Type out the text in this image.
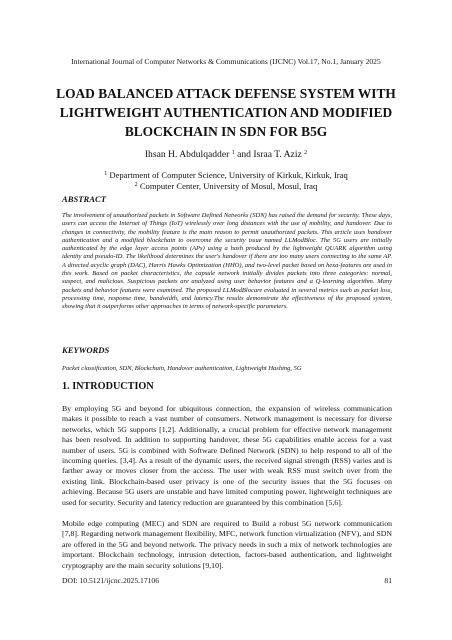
International Journal of Computer Networks & Communications (IJCNC) Vol.17, No.1, January 2025
LOAD BALANCED ATTACK DEFENSE SYSTEM WITH
LIGHTWEIGHT AUTHENTICATION AND MODIFIED
BLOCKCHAIN IN SDN FOR B5G
Ihsan H. Abdulqadder $^1$ and Israa T. Aziz $^2$
$^1$ Department of Computer Science, University of Kirkuk, Kirkuk, Iraq
$^2$ Computer Center, University of Mosul, Mosul, Iraq
ABSTRACT
The involvement of unauthorized packets in Software Defined Networks (SDN) has raised the demand for security. These days, users can access the Internet of Things (IoT) wirelessly over long distances with the use of mobility, and handover. Due to changes in connectivity, the mobility feature is the main reason to permit unauthorized packets. This article uses handover authentication and a modified blockchain to overcome the security issue named LLModBloc. The 5G users are initially authenticated by the edge layer access points (APs) using a hash produced by the lightweight QUARK algorithm using identity and pseudo-ID. The likelihood determines the user's handover if there are too many users connecting to the same AP. A directed acyclic graph (DAC), Harris Hawks Optimization (HHO), and two-level packet based on hexa-features are used in this work. Based on packet characteristics, the capsule network initially divides packets into three categories: normal, suspect, and malicious. Suspicious packets are analyzed using user behavior features and a Q-learning algorithm. Many packets and behavior features were examined. The proposed LLModBlocare evaluated in several metrics such as packet loss, processing time, response time, bandwidth, and latency.The results demonstrate the effectiveness of the proposed system, showing that it outperforms other approaches in terms of network-specific parameters.
KEYWORDS
Packet classification, SDN, Blockchain, Handover authentication, Lightweight Hashing, 5G
1. INTRODUCTION
By employing 5G and beyond for ubiquitous connection, the expansion of wireless communication makes it possible to reach a vast number of consumers. Network management is necessary for diverse networks, which 5G supports [1,2]. Additionally, a crucial problem for effective network management has been resolved. In addition to supporting handover, these 5G capabilities enable access for a vast number of users. 5G is combined with Software Defined Network (SDN) to help respond to all of the incoming queries. [3,4]. As a result of the dynamic users, the received signal strength (RSS) varies and is farther away or moves closer from the access. The user with weak RSS must switch over from the existing link. Blockchain-based user privacy is one of the security issues that the 5G focuses on achieving. Because 5G users are unstable and have limited computing power, lightweight techniques are used for security. Security and latency reduction are guaranteed by this combination [5,6].
Mobile edge computing (MEC) and SDN are required to Build a robust 5G network communication [7,8]. Regarding network management flexibility, MFC, network function virtualization (NFV), and SDN are offered in the 5G and beyond network. The privacy needs in such a mix of network technologies are important. Blockchain technology, intrusion detection, factors-based authentication, and lightweight cryptography are the main security solutions [9,10].
DOI: 10.5121/ijcnc.2025.17106	81
